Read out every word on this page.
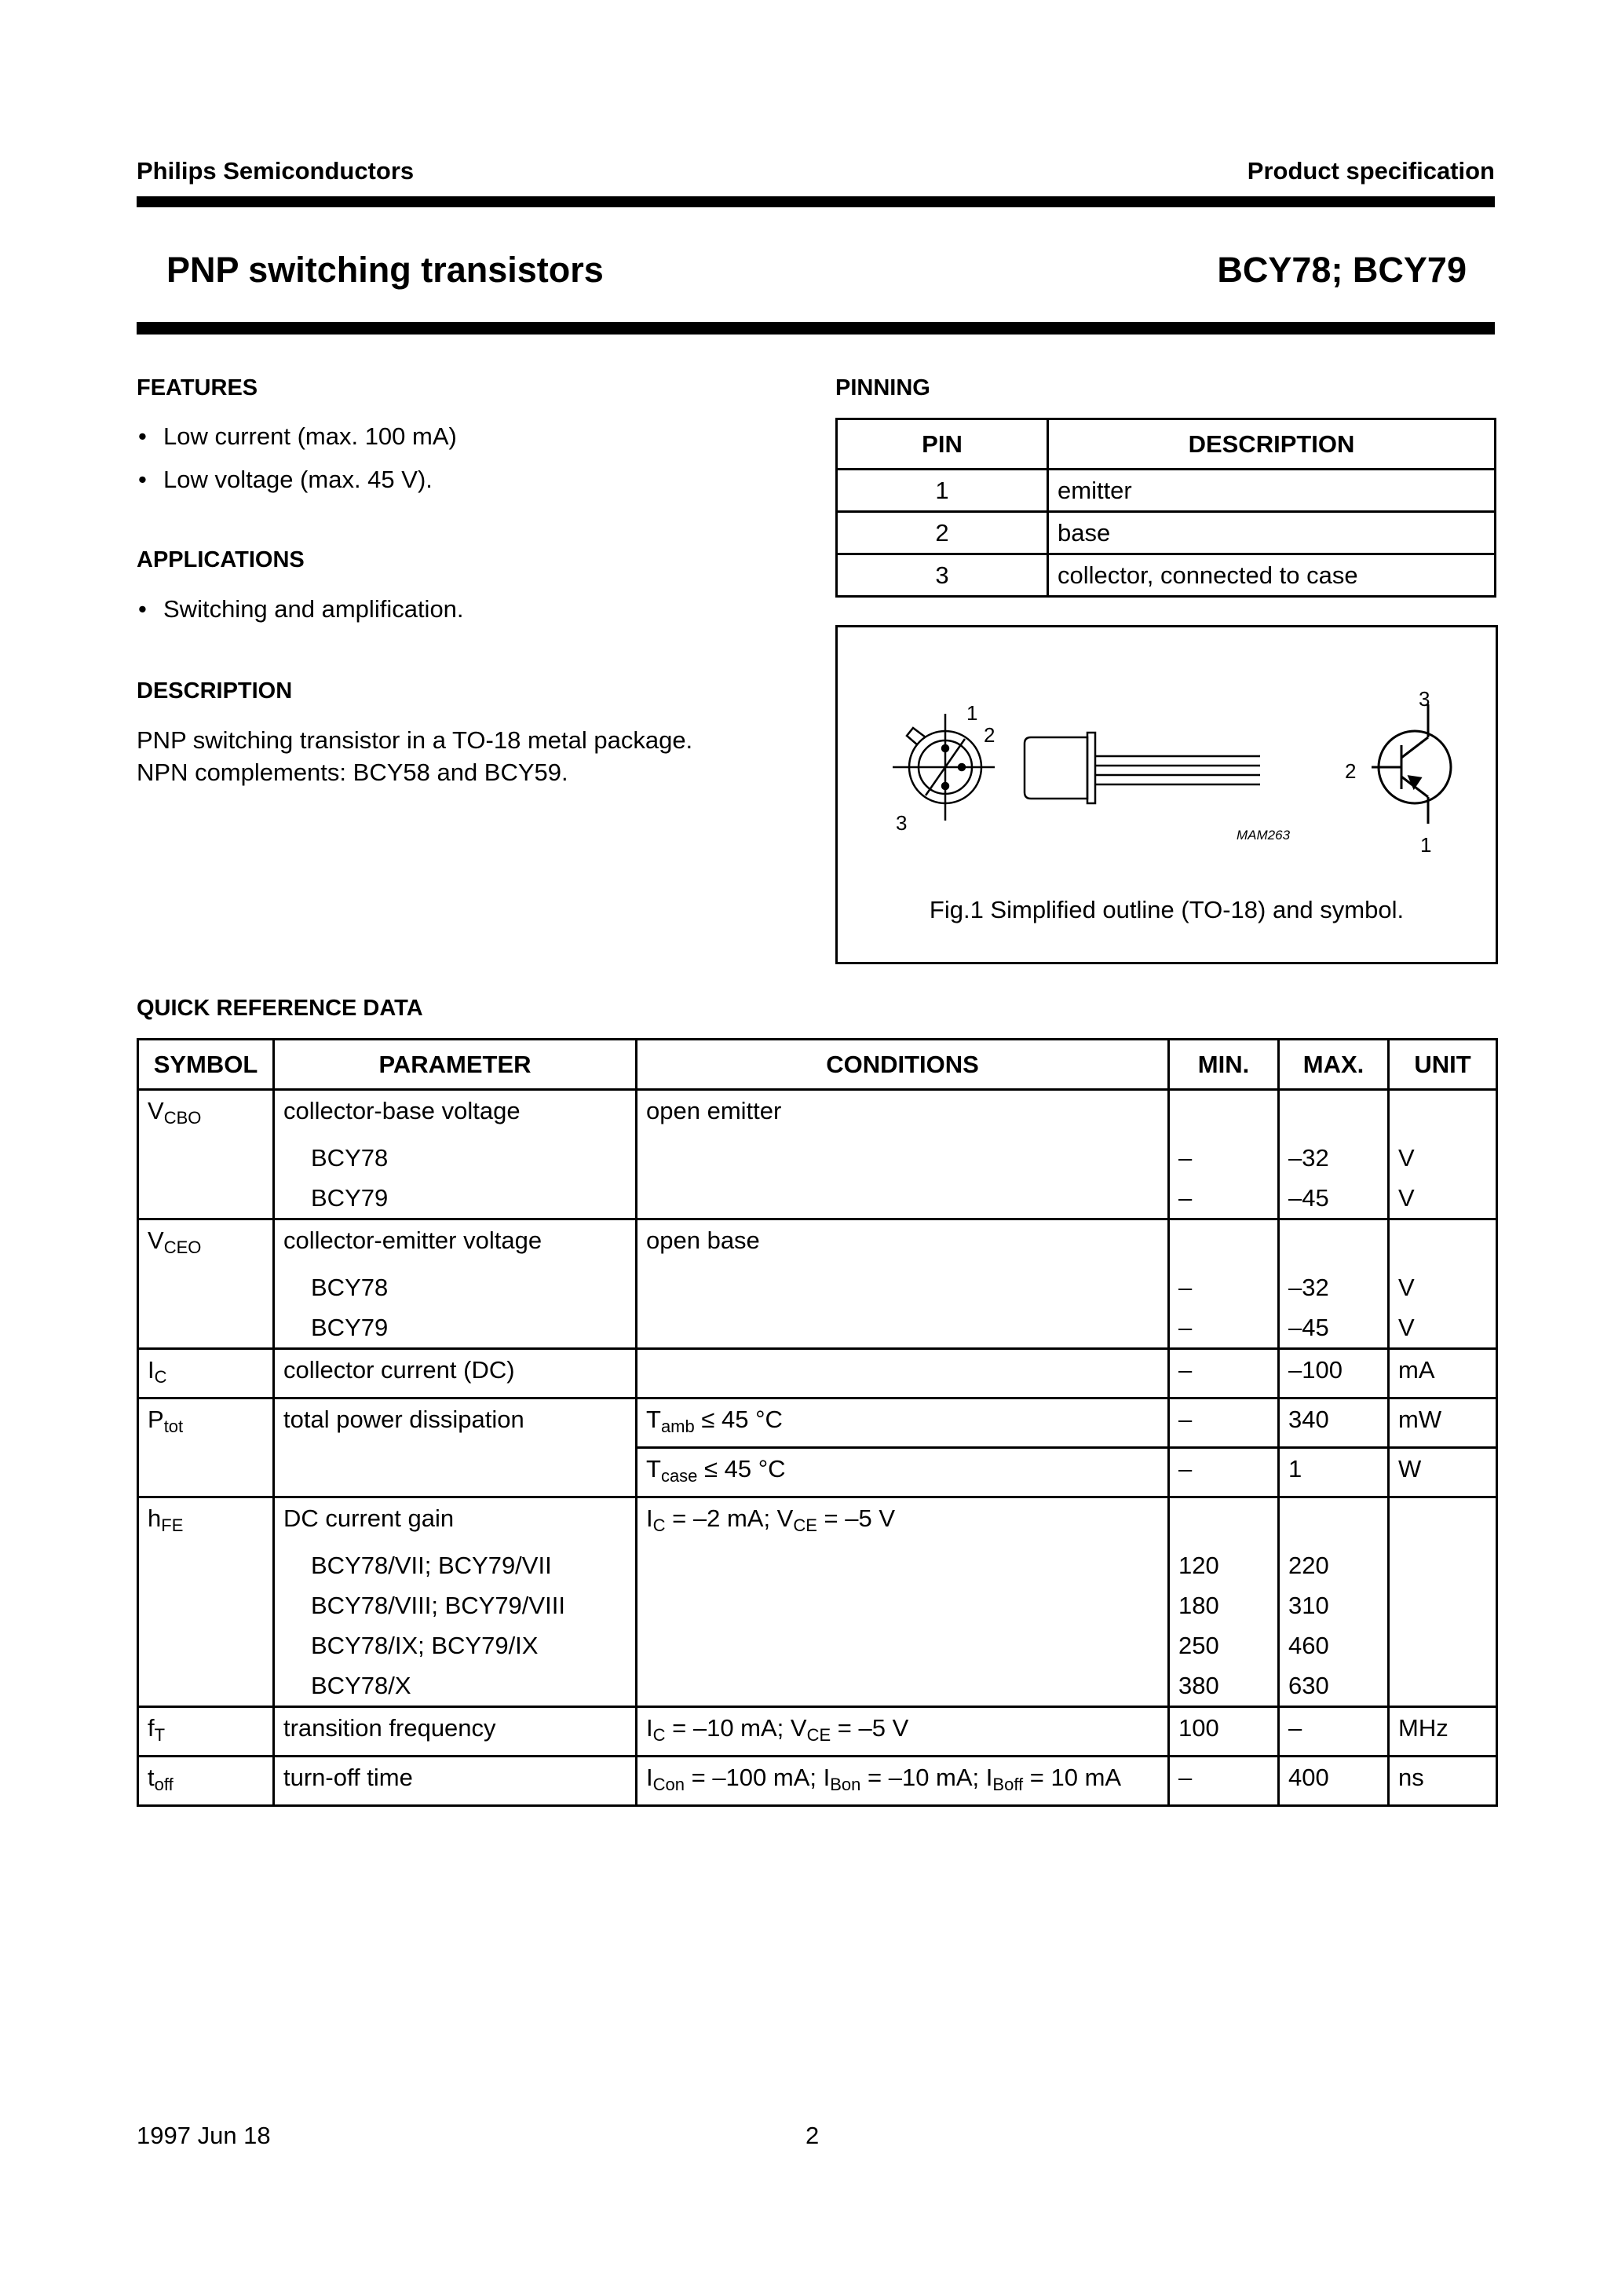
Philips Semiconductors	Product specification
PNP switching transistors	BCY78; BCY79
FEATURES
• Low current (max. 100 mA)
• Low voltage (max. 45 V).
APPLICATIONS
• Switching and amplification.
DESCRIPTION
PNP switching transistor in a TO-18 metal package.
NPN complements: BCY58 and BCY59.
PINNING
PIN	DESCRIPTION
1	emitter
2	base
3	collector, connected to case
1
2
3
3
2
1
MAM263
Fig.1 Simplified outline (TO-18) and symbol.
QUICK REFERENCE DATA
SYMBOL	PARAMETER	CONDITIONS	MIN.	MAX.	UNIT
$V_{CBO}$	collector-base voltage	open emitter			
	BCY78		–	–32	V
	BCY79		–	–45	V
$V_{CEO}$	collector-emitter voltage	open base			
	BCY78		–	–32	V
	BCY79		–	–45	V
$I_C$	collector current (DC)		–	–100	mA
$P_{tot}$	total power dissipation	$T_{amb} \le 45$ °C	–	340	mW
		$T_{case} \le 45$ °C	–	1	W
$h_{FE}$	DC current gain	$I_C = -2$ mA; $V_{CE} = -5$ V			
	BCY78/VII; BCY79/VII		120	220	
	BCY78/VIII; BCY79/VIII		180	310	
	BCY78/IX; BCY79/IX		250	460	
	BCY78/X		380	630	
$f_T$	transition frequency	$I_C = -10$ mA; $V_{CE} = -5$ V	100	–	MHz
$t_{off}$	turn-off time	$I_{Con} = -100$ mA; $I_{Bon} = -10$ mA; $I_{Boff} = 10$ mA	–	400	ns
1997 Jun 18	2
